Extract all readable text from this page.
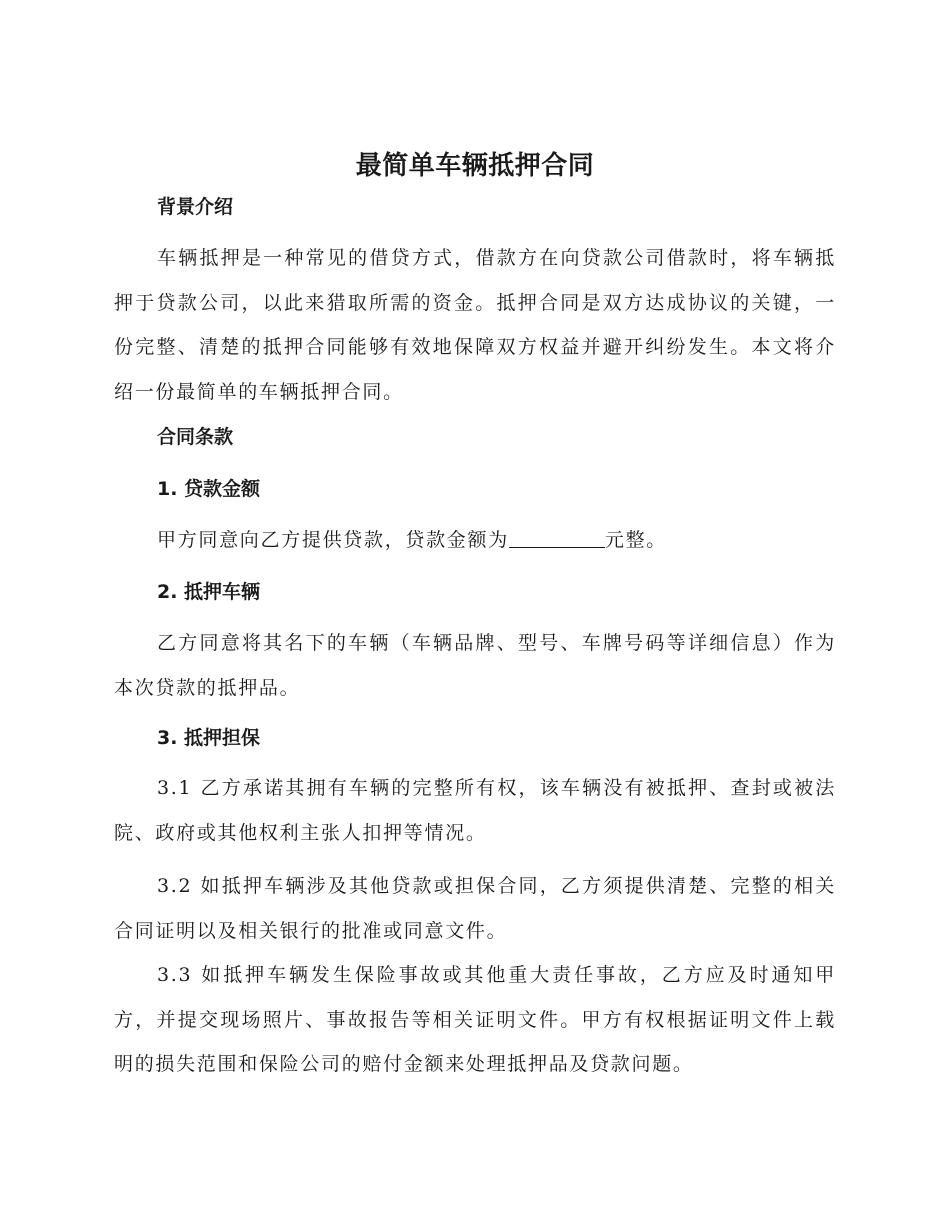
最简单车辆抵押合同
背景介绍

车辆抵押是一种常见的借贷方式，借款方在向贷款公司借款时，将车辆抵押于贷款公司，以此来猎取所需的资金。抵押合同是双方达成协议的关键，一份完整、清楚的抵押合同能够有效地保障双方权益并避开纠纷发生。本文将介绍一份最简单的车辆抵押合同。

合同条款
1. 贷款金额

甲方同意向乙方提供贷款，贷款金额为	元整。

2. 抵押车辆

乙方同意将其名下的车辆（车辆品牌、型号、车牌号码等详细信息）作为本次贷款的抵押品。

3. 抵押担保

3.1 乙方承诺其拥有车辆的完整所有权，该车辆没有被抵押、查封或被法院、政府或其他权利主张人扣押等情况。

3.2 如抵押车辆涉及其他贷款或担保合同，乙方须提供清楚、完整的相关合同证明以及相关银行的批准或同意文件。

3.3 如抵押车辆发生保险事故或其他重大责任事故，乙方应及时通知甲方，并提交现场照片、事故报告等相关证明文件。甲方有权根据证明文件上载明的损失范围和保险公司的赔付金额来处理抵押品及贷款问题。
